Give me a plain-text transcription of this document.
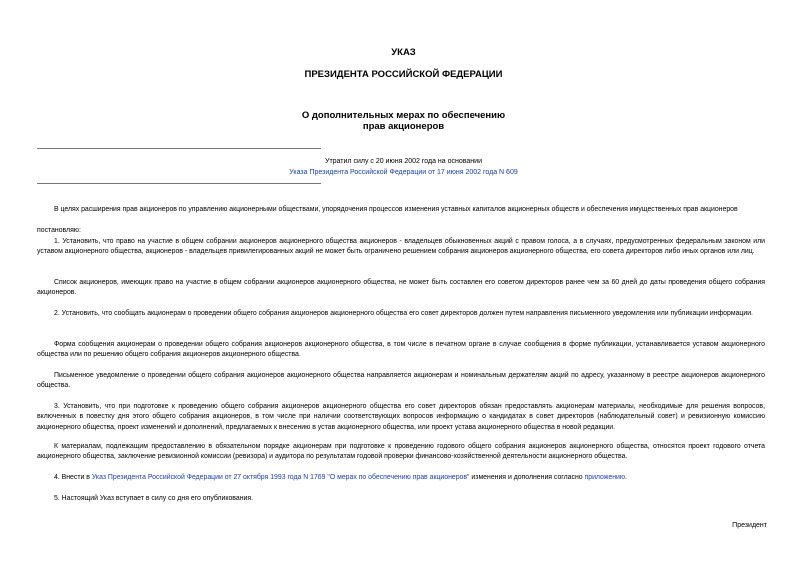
УКАЗ
ПРЕЗИДЕНТА РОССИЙСКОЙ ФЕДЕРАЦИИ
О дополнительных мерах по обеспечению
прав акционеров
Утратил силу с 20 июня 2002 года на основании
Указа Президента Российской Федерации от 17 июня 2002 года N 609

В целях расширения прав акционеров по управлению акционерными обществами, упорядочения процессов изменения уставных капиталов акционерных обществ и обеспечения имущественных прав акционеров

постановляю:

1. Установить, что право на участие в общем собрании акционеров акционерного общества акционеров - владельцев обыкновенных акций с правом голоса, а в случаях, предусмотренных федеральным законом или уставом акционерного общества, акционеров - владельцев привилегированных акций не может быть ограничено решением собрания акционеров акционерного общества, его совета директоров либо иных органов или лиц.

Список акционеров, имеющих право на участие в общем собрании акционеров акционерного общества, не может быть составлен его советом директоров ранее чем за 60 дней до даты проведения общего собрания акционеров.

2. Установить, что сообщать акционерам о проведении общего собрания акционеров акционерного общества его совет директоров должен путем направления письменного уведомления или публикации информации.

Форма сообщения акционерам о проведении общего собрания акционеров акционерного общества, в том числе в печатном органе в случае сообщения в форме публикации, устанавливается уставом акционерного общества или по решению общего собрания акционеров акционерного общества.

Письменное уведомление о проведении общего собрания акционеров акционерного общества направляется акционерам и номинальным держателям акций по адресу, указанному в реестре акционеров акционерного общества.

3. Установить, что при подготовке к проведению общего собрания акционеров акционерного общества его совет директоров обязан предоставлять акционерам материалы, необходимые для решения вопросов, включенных в повестку дня этого общего собрания акционеров, в том числе при наличии соответствующих вопросов информацию о кандидатах в совет директоров (наблюдательный совет) и ревизионную комиссию акционерного общества, проект изменений и дополнений, предлагаемых к внесению в устав акционерного общества, или проект устава акционерного общества в новой редакции.

К материалам, подлежащим предоставлению в обязательном порядке акционерам при подготовке к проведению годового общего собрания акционеров акционерного общества, относятся проект годового отчета акционерного общества, заключение ревизионной комиссии (ревизора) и аудитора по результатам годовой проверки финансово-хозяйственной деятельности акционерного общества.

4. Внести в Указ Президента Российской Федерации от 27 октября 1993 года N 1769 "О мерах по обеспечению прав акционеров" изменения и дополнения согласно приложению.

5. Настоящий Указ вступает в силу со дня его опубликования.

Президент
